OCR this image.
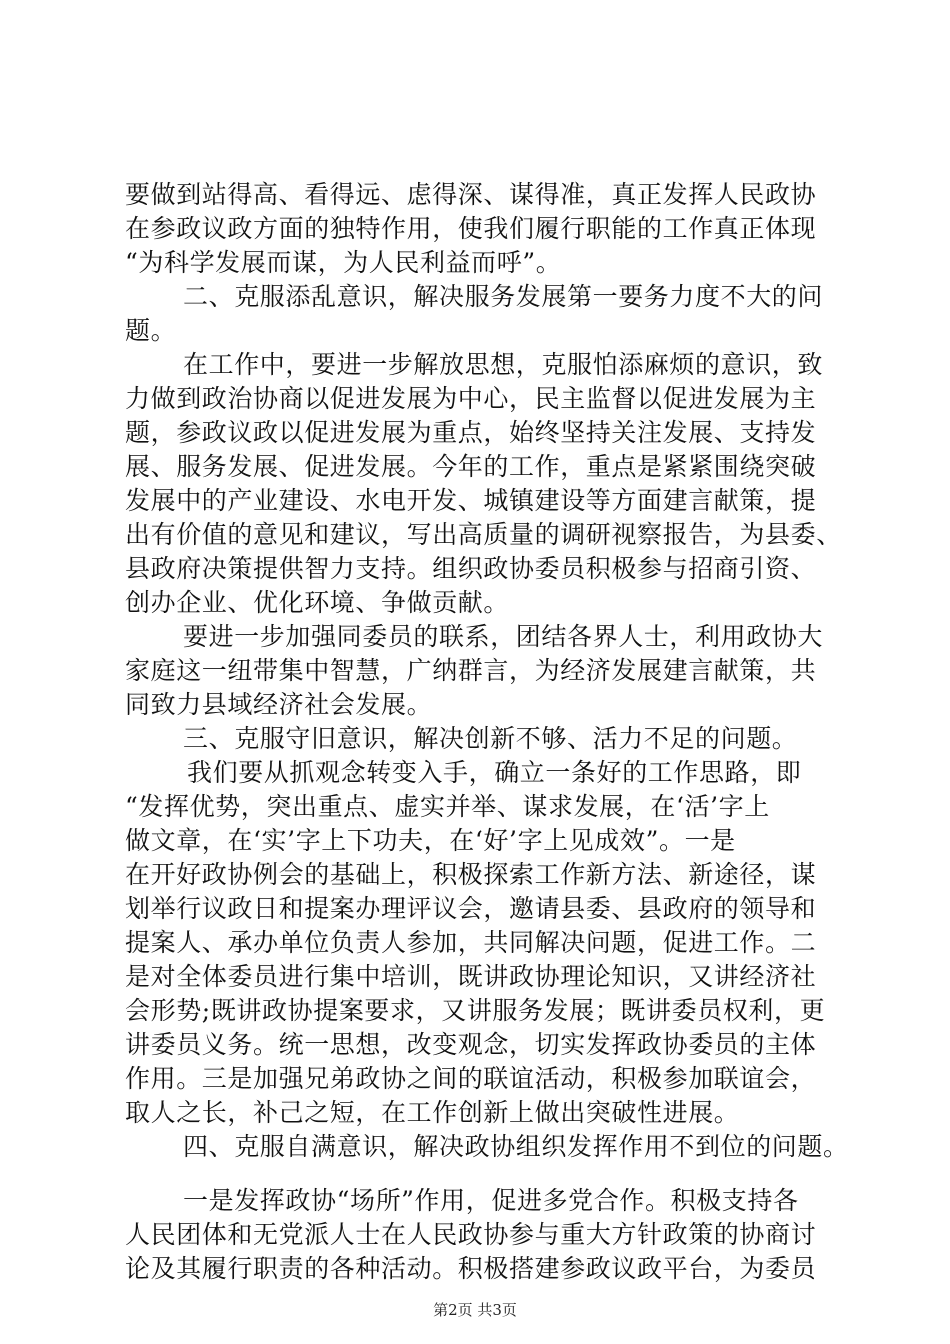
要做到站得高、看得远、虑得深、谋得准，真正发挥人民政协
在参政议政方面的独特作用，使我们履行职能的工作真正体现
“为科学发展而谋，为人民利益而呼”。
二、克服添乱意识，解决服务发展第一要务力度不大的问
题。
在工作中，要进一步解放思想，克服怕添麻烦的意识，致
力做到政治协商以促进发展为中心，民主监督以促进发展为主
题，参政议政以促进发展为重点，始终坚持关注发展、支持发
展、服务发展、促进发展。今年的工作，重点是紧紧围绕突破
发展中的产业建设、水电开发、城镇建设等方面建言献策，提
出有价值的意见和建议，写出高质量的调研视察报告，为县委、
县政府决策提供智力支持。组织政协委员积极参与招商引资、
创办企业、优化环境、争做贡献。
要进一步加强同委员的联系，团结各界人士，利用政协大
家庭这一纽带集中智慧，广纳群言，为经济发展建言献策，共
同致力县域经济社会发展。
三、克服守旧意识，解决创新不够、活力不足的问题。
我们要从抓观念转变入手，确立一条好的工作思路，即
“发挥优势，突出重点、虚实并举、谋求发展，在‘活’字上
做文章，在‘实’字上下功夫，在‘好’字上见成效”。一是
在开好政协例会的基础上，积极探索工作新方法、新途径，谋
划举行议政日和提案办理评议会，邀请县委、县政府的领导和
提案人、承办单位负责人参加，共同解决问题，促进工作。二
是对全体委员进行集中培训，既讲政协理论知识，又讲经济社
会形势;既讲政协提案要求，又讲服务发展；既讲委员权利，更
讲委员义务。统一思想，改变观念，切实发挥政协委员的主体
作用。三是加强兄弟政协之间的联谊活动，积极参加联谊会，
取人之长，补己之短，在工作创新上做出突破性进展。
四、克服自满意识，解决政协组织发挥作用不到位的问题。
一是发挥政协“场所”作用，促进多党合作。积极支持各
人民团体和无党派人士在人民政协参与重大方针政策的协商讨
论及其履行职责的各种活动。积极搭建参政议政平台，为委员
第2页 共3页
